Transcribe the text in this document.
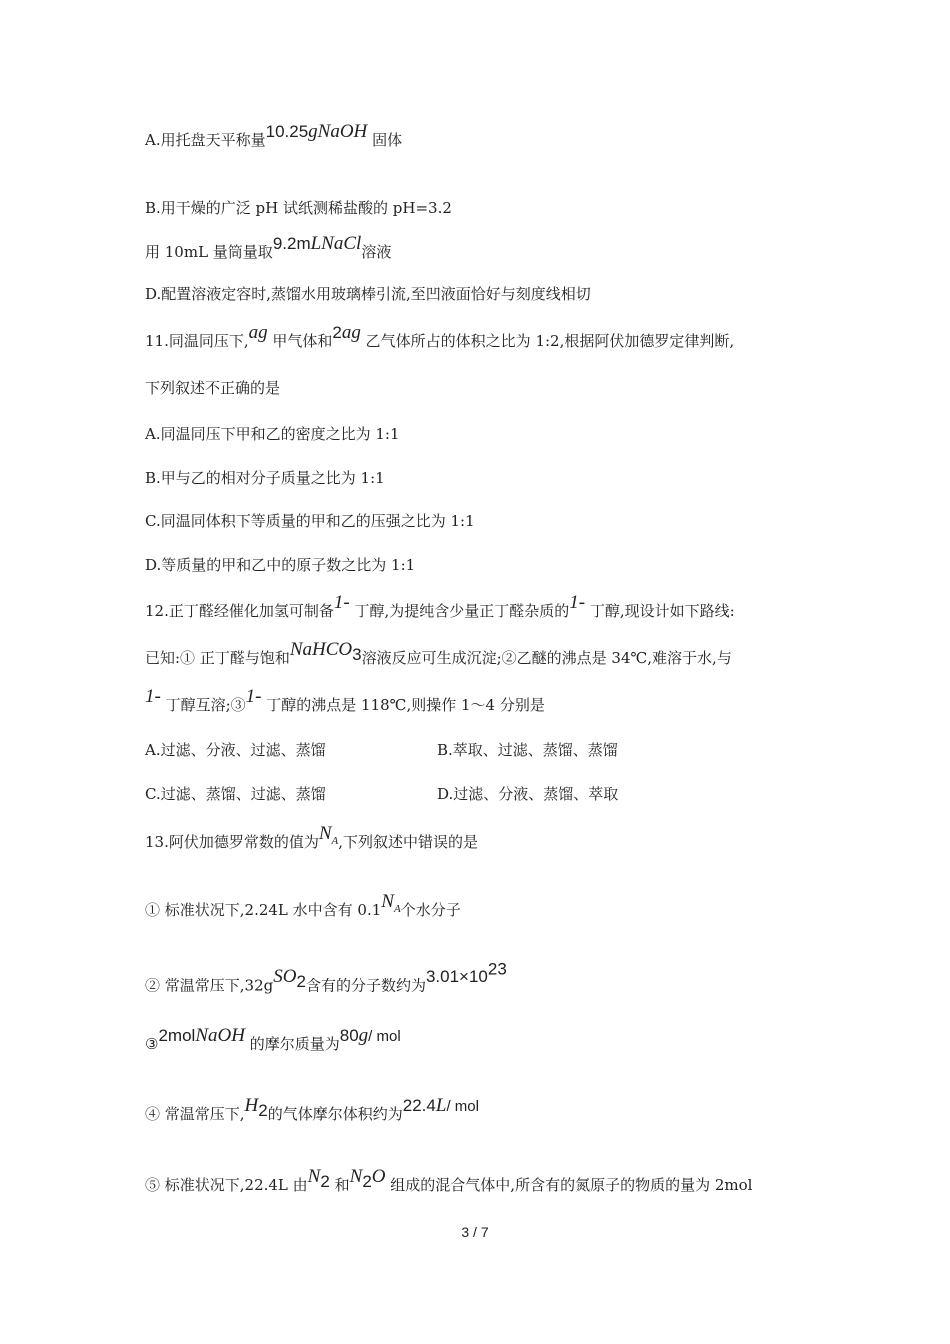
A.用托盘天平称量10.25gNaOH 固体
B.用干燥的广泛 pH 试纸测稀盐酸的 pH=3.2
用 10mL 量筒量取9.2mLNaCl溶液
D.配置溶液定容时,蒸馏水用玻璃棒引流,至凹液面恰好与刻度线相切
11.同温同压下,ag 甲气体和2ag 乙气体所占的体积之比为 1:2,根据阿伏加德罗定律判断,
下列叙述不正确的是
A.同温同压下甲和乙的密度之比为 1:1
B.甲与乙的相对分子质量之比为 1:1
C.同温同体积下等质量的甲和乙的压强之比为 1:1
D.等质量的甲和乙中的原子数之比为 1:1
12.正丁醛经催化加氢可制备1- 丁醇,为提纯含少量正丁醛杂质的1- 丁醇,现设计如下路线:
已知:① 正丁醛与饱和NaHCO$_3$溶液反应可生成沉淀;②乙醚的沸点是 34℃,难溶于水,与
1- 丁醇互溶;③1- 丁醇的沸点是 118℃,则操作 1～4 分别是
A.过滤、分液、过滤、蒸馏	B.萃取、过滤、蒸馏、蒸馏
C.过滤、蒸馏、过滤、蒸馏	D.过滤、分液、蒸馏、萃取
13.阿伏加德罗常数的值为$N_A$,下列叙述中错误的是
① 标准状况下,2.24L 水中含有 $0.1N_A$个水分子
② 常温常压下,32gSO$_2$含有的分子数约为$3.01\times 10^{23}$
③2molNaOH 的摩尔质量为80g/ mol
④ 常温常压下$,H_2$的气体摩尔体积约为22.4L/ mol
⑤ 标准状况下,22.4L 由$N_2$ 和$N_2O$ 组成的混合气体中,所含有的氮原子的物质的量为 2mol
3 / 7
